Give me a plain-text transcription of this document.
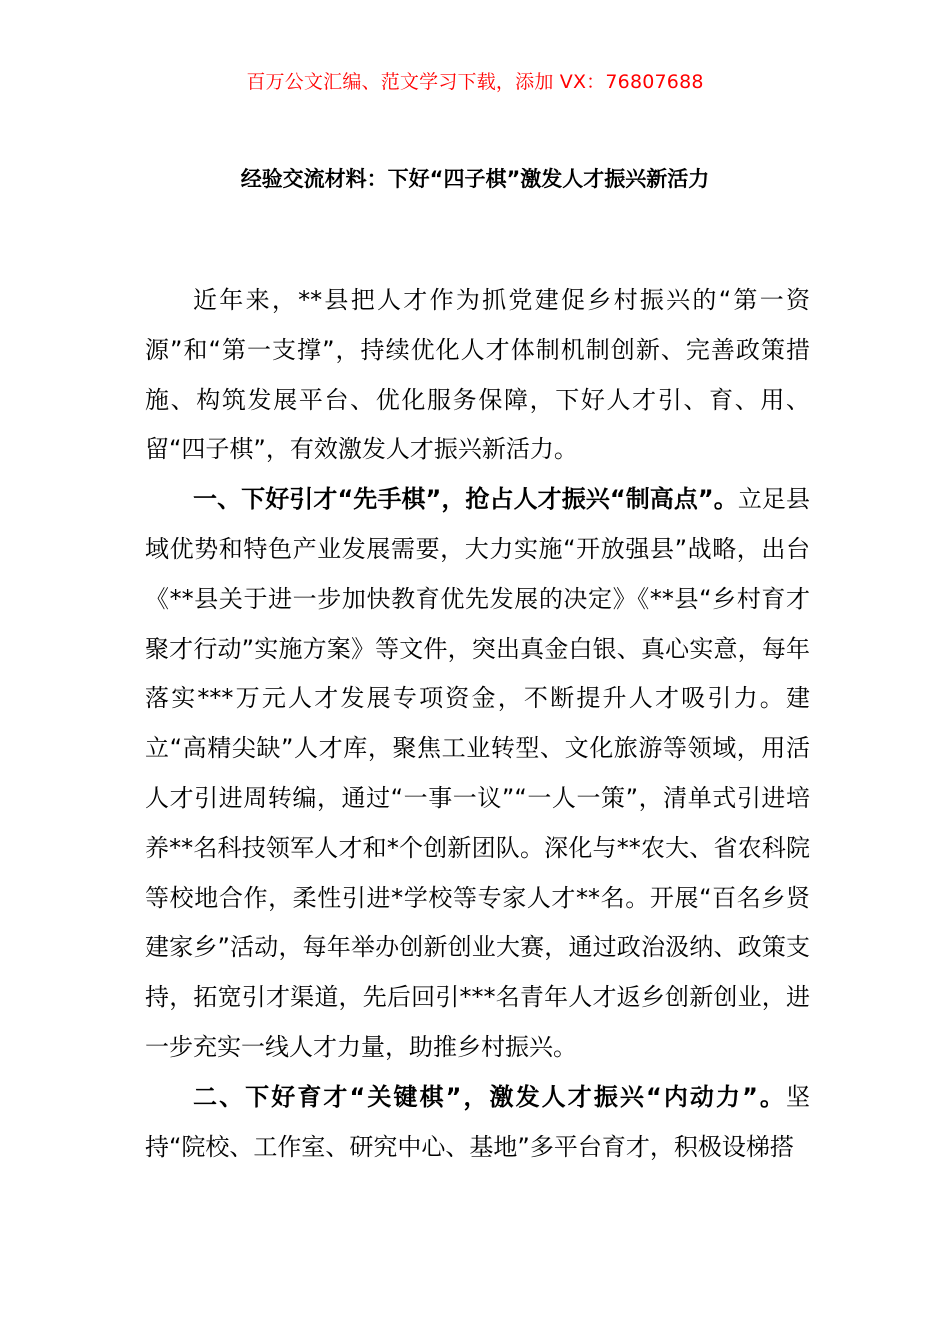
百万公文汇编、范文学习下载，添加 VX：76807688
经验交流材料：下好“四子棋”激发人才振兴新活力

近年来，**县把人才作为抓党建促乡村振兴的“第一资源”和“第一支撑”，持续优化人才体制机制创新、完善政策措施、构筑发展平台、优化服务保障，下好人才引、育、用、留“四子棋”，有效激发人才振兴新活力。

一、下好引才“先手棋”，抢占人才振兴“制高点”。立足县域优势和特色产业发展需要，大力实施“开放强县”战略，出台《**县关于进一步加快教育优先发展的决定》《**县“乡村育才聚才行动”实施方案》等文件，突出真金白银、真心实意，每年落实***万元人才发展专项资金，不断提升人才吸引力。建立“高精尖缺”人才库，聚焦工业转型、文化旅游等领域，用活人才引进周转编，通过“一事一议”“一人一策”，清单式引进培养**名科技领军人才和*个创新团队。深化与**农大、省农科院等校地合作，柔性引进*学校等专家人才**名。开展“百名乡贤建家乡”活动，每年举办创新创业大赛，通过政治汲纳、政策支持，拓宽引才渠道，先后回引***名青年人才返乡创新创业，进一步充实一线人才力量，助推乡村振兴。

二、下好育才“关键棋”，激发人才振兴“内动力”。坚持“院校、工作室、研究中心、基地”多平台育才，积极设梯搭
